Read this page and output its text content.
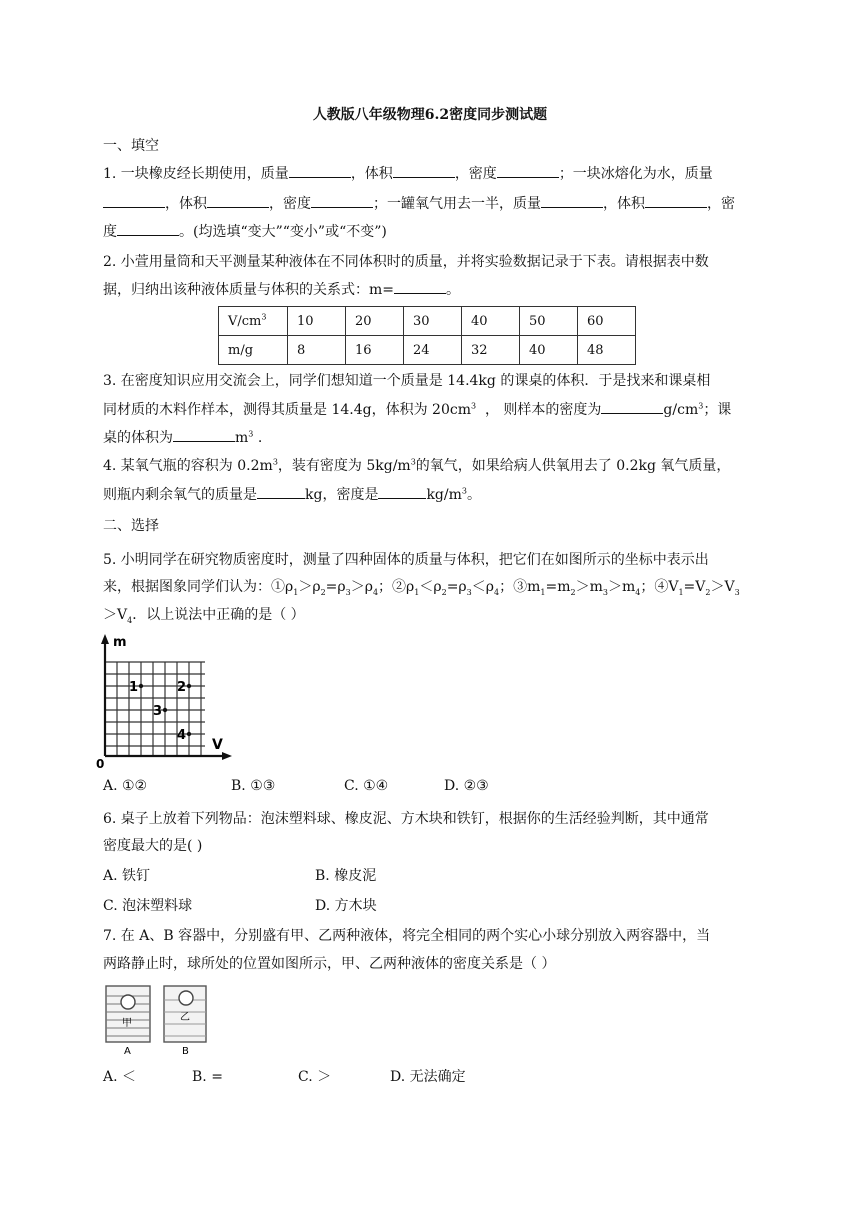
人教版八年级物理6.2密度同步测试题
一、填空
1. 一块橡皮经长期使用，质量	，体积	，密度	；一块冰熔化为水，质量
，体积	，密度	；一罐氧气用去一半，质量	，体积	，密
度	。(均选填“变大”“变小”或“不变”)
2. 小萱用量筒和天平测量某种液体在不同体积时的质量，并将实验数据记录于下表。请根据表中数
据，归纳出该种液体质量与体积的关系式：m=	。
$V/cm^3$	10	20	30	40	50	60
m/g	8	16	24	32	40	48
3. 在密度知识应用交流会上，同学们想知道一个质量是 14.4kg 的课桌的体积．于是找来和课桌相
同材质的木料作样本，测得其质量是 14.4g，体积为 $20cm^3$ ， 则样本的密度为	$g/cm^3$；课
桌的体积为	$m^3$ .
4. 某氧气瓶的容积为 $0.2m^3$，装有密度为 $5kg/m^3$的氧气，如果给病人供氧用去了 0.2kg 氧气质量，
则瓶内剩余氧气的质量是	kg，密度是	$kg/m^3$。
二、选择
5. 小明同学在研究物质密度时，测量了四种固体的质量与体积，把它们在如图所示的坐标中表示出
来，根据图象同学们认为：$①\rho_1>\rho_2=\rho_3>\rho_4$；$②\rho_1<\rho_2=\rho_3<\rho_4$；$③m_1=m_2>m_3>m_4$；$④V_1=V_2>V_3$
$>V_4$．以上说法中正确的是（ ）
m
V
0
1	2
3
4
A. ①②	B. ①③	C. ①④	D. ②③
6. 桌子上放着下列物品：泡沫塑料球、橡皮泥、方木块和铁钉，根据你的生活经验判断，其中通常
密度最大的是( )
A. 铁钉	B. 橡皮泥
C. 泡沫塑料球	D. 方木块
7. 在 A、B 容器中，分别盛有甲、乙两种液体，将完全相同的两个实心小球分别放入两容器中，当
两路静止时，球所处的位置如图所示，甲、乙两种液体的密度关系是（ ）
甲
A
乙
B
A. ＜	B. =	C. ＞	D. 无法确定
